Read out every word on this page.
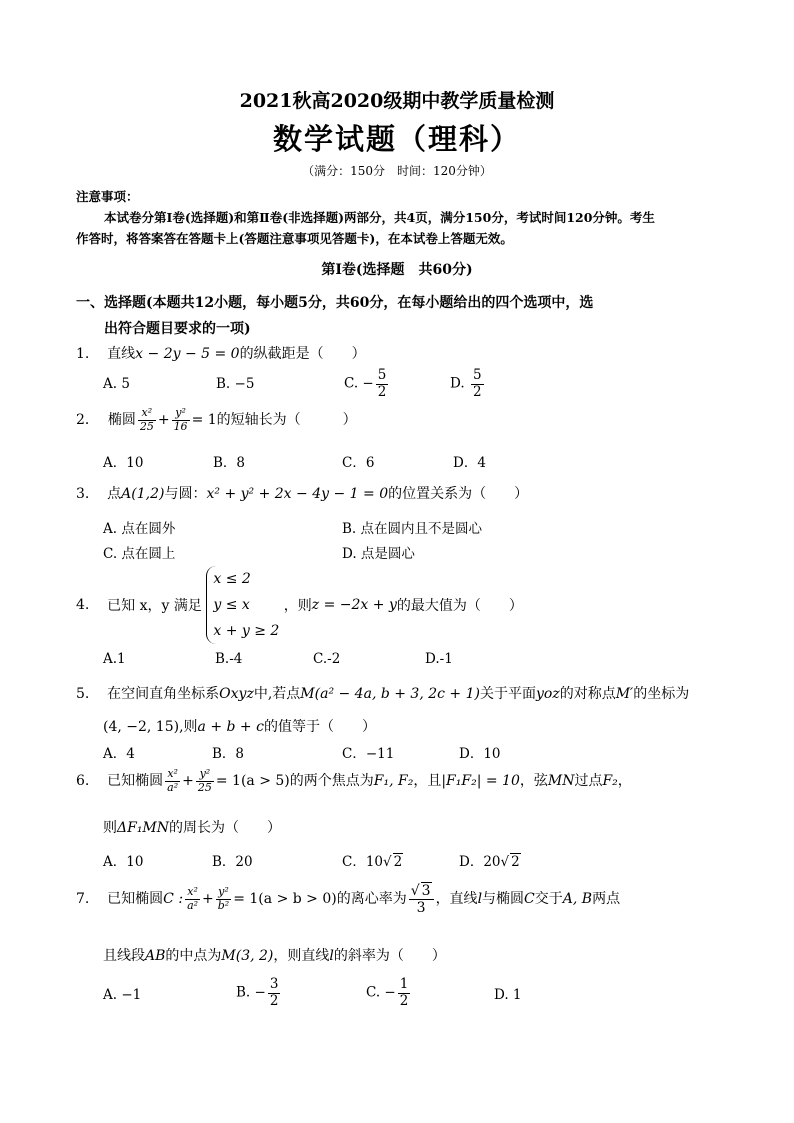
2021秋高2020级期中教学质量检测
数学试题（理科）
（满分：150分　时间：120分钟）
注意事项：
本试卷分第Ⅰ卷(选择题)和第Ⅱ卷(非选择题)两部分，共4页，满分150分，考试时间120分钟。考生
作答时，将答案答在答题卡上(答题注意事项见答题卡)，在本试卷上答题无效。
第Ⅰ卷(选择题　共60分)
一、选择题(本题共12小题，每小题5分，共60分，在每小题给出的四个选项中，选
出符合题目要求的一项)
1. 直线x − 2y − 5 = 0的纵截距是（　　）
A. 5	B. −5	C. − $\frac{5}{2}$	D. $\frac{5}{2}$
2． 椭圆 $\frac{\text{x²}}{25} + \frac{\text{y²}}{16} = 1$的短轴长为（　　　）
A．10	B．8	C．6	D．4
3. 点A(1,2)与圆：x² + y² + 2x − 4y − 1 = 0的位置关系为（　　）
A. 点在圆外	B. 点在圆内且不是圆心
C. 点在圆上	D. 点是圆心
4. 已知 x，y 满足
x ≤ 2
y ≤ x
x + y ≥ 2
，则z = −2x + y的最大值为（　　）
A.1	B.-4	C.-2	D.-1
5. 在空间直角坐标系Oxyz中,若点M(a² − 4a, b + 3, 2c + 1)关于平面yoz的对称点M′的坐标为
(4, −2, 15),则a + b + c的值等于（　　）
A．4	B．8	C．−11	D．10
6. 已知椭圆 $\frac{\text{x²}}{\text{a²}} + \frac{\text{y²}}{25} = 1(a > 5)$的两个焦点为F₁, F₂，且|F₁F₂| = 10，弦MN过点F₂，
则ΔF₁MN的周长为（　　）
A．10	B．20	C．10√ 2	D．20√ 2
7. 已知椭圆C : $\frac{\text{x²}}{\text{a²}} + \frac{\text{y²}}{\text{b²}} = 1(a > b > 0)$的离心率为 $\frac{√ 3}{3}$ ，直线l与椭圆C交于A, B两点
且线段AB的中点为M(3, 2)，则直线l的斜率为（　　）
A. −1	B. − $\frac{3}{2}$	C. − $\frac{1}{2}$	D. 1
